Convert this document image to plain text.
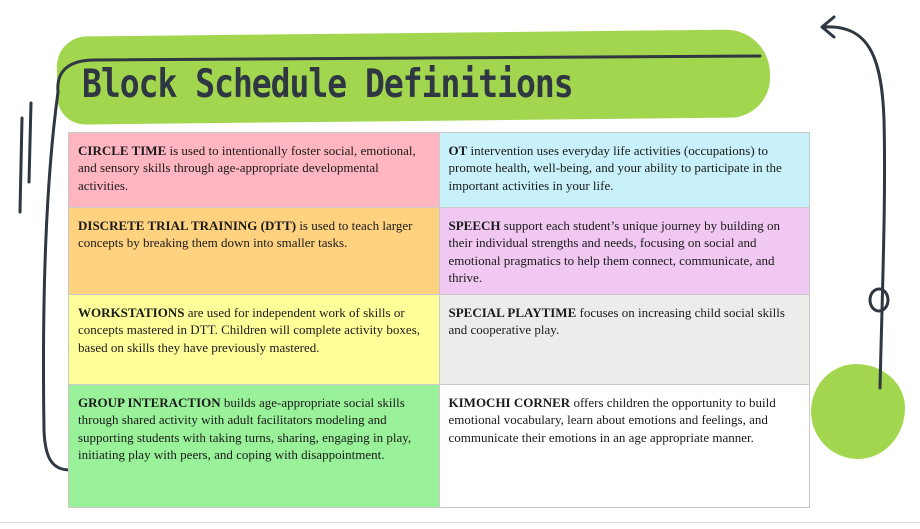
Block Schedule Definitions
CIRCLE TIME is used to intentionally foster social, emotional, and sensory skills through age-appropriate developmental activities.	OT intervention uses everyday life activities (occupations) to promote health, well-being, and your ability to participate in the important activities in your life.
DISCRETE TRIAL TRAINING (DTT) is used to teach larger concepts by breaking them down into smaller tasks.	SPEECH support each student’s unique journey by building on their individual strengths and needs, focusing on social and emotional pragmatics to help them connect, communicate, and thrive.
WORKSTATIONS are used for independent work of skills or concepts mastered in DTT. Children will complete activity boxes, based on skills they have previously mastered.	SPECIAL PLAYTIME focuses on increasing child social skills and cooperative play.
GROUP INTERACTION builds age-appropriate social skills through shared activity with adult facilitators modeling and supporting students with taking turns, sharing, engaging in play, initiating play with peers, and coping with disappointment.	KIMOCHI CORNER offers children the opportunity to build emotional vocabulary, learn about emotions and feelings, and communicate their emotions in an age appropriate manner.
